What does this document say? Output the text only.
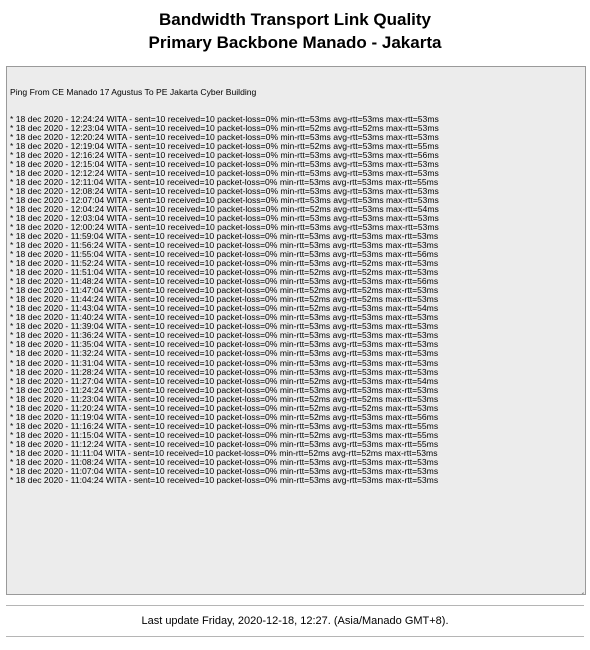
Bandwidth Transport Link Quality
Primary Backbone Manado - Jakarta

Ping From CE Manado 17 Agustus To PE Jakarta Cyber Building

* 18 dec 2020 - 12:24:24 WITA - sent=10 received=10 packet-loss=0% min-rtt=53ms avg-rtt=53ms max-rtt=53ms
* 18 dec 2020 - 12:23:04 WITA - sent=10 received=10 packet-loss=0% min-rtt=52ms avg-rtt=52ms max-rtt=53ms
* 18 dec 2020 - 12:20:24 WITA - sent=10 received=10 packet-loss=0% min-rtt=53ms avg-rtt=53ms max-rtt=53ms
* 18 dec 2020 - 12:19:04 WITA - sent=10 received=10 packet-loss=0% min-rtt=52ms avg-rtt=53ms max-rtt=55ms
* 18 dec 2020 - 12:16:24 WITA - sent=10 received=10 packet-loss=0% min-rtt=53ms avg-rtt=53ms max-rtt=56ms
* 18 dec 2020 - 12:15:04 WITA - sent=10 received=10 packet-loss=0% min-rtt=53ms avg-rtt=53ms max-rtt=53ms
* 18 dec 2020 - 12:12:24 WITA - sent=10 received=10 packet-loss=0% min-rtt=53ms avg-rtt=53ms max-rtt=53ms
* 18 dec 2020 - 12:11:04 WITA - sent=10 received=10 packet-loss=0% min-rtt=53ms avg-rtt=53ms max-rtt=55ms
* 18 dec 2020 - 12:08:24 WITA - sent=10 received=10 packet-loss=0% min-rtt=53ms avg-rtt=53ms max-rtt=53ms
* 18 dec 2020 - 12:07:04 WITA - sent=10 received=10 packet-loss=0% min-rtt=53ms avg-rtt=53ms max-rtt=53ms
* 18 dec 2020 - 12:04:24 WITA - sent=10 received=10 packet-loss=0% min-rtt=52ms avg-rtt=53ms max-rtt=54ms
* 18 dec 2020 - 12:03:04 WITA - sent=10 received=10 packet-loss=0% min-rtt=53ms avg-rtt=53ms max-rtt=53ms
* 18 dec 2020 - 12:00:24 WITA - sent=10 received=10 packet-loss=0% min-rtt=53ms avg-rtt=53ms max-rtt=53ms
* 18 dec 2020 - 11:59:04 WITA - sent=10 received=10 packet-loss=0% min-rtt=53ms avg-rtt=53ms max-rtt=53ms
* 18 dec 2020 - 11:56:24 WITA - sent=10 received=10 packet-loss=0% min-rtt=53ms avg-rtt=53ms max-rtt=53ms
* 18 dec 2020 - 11:55:04 WITA - sent=10 received=10 packet-loss=0% min-rtt=53ms avg-rtt=53ms max-rtt=56ms
* 18 dec 2020 - 11:52:24 WITA - sent=10 received=10 packet-loss=0% min-rtt=53ms avg-rtt=52ms max-rtt=53ms
* 18 dec 2020 - 11:51:04 WITA - sent=10 received=10 packet-loss=0% min-rtt=52ms avg-rtt=52ms max-rtt=53ms
* 18 dec 2020 - 11:48:24 WITA - sent=10 received=10 packet-loss=0% min-rtt=53ms avg-rtt=53ms max-rtt=56ms
* 18 dec 2020 - 11:47:04 WITA - sent=10 received=10 packet-loss=0% min-rtt=52ms avg-rtt=52ms max-rtt=53ms
* 18 dec 2020 - 11:44:24 WITA - sent=10 received=10 packet-loss=0% min-rtt=52ms avg-rtt=52ms max-rtt=53ms
* 18 dec 2020 - 11:43:04 WITA - sent=10 received=10 packet-loss=0% min-rtt=52ms avg-rtt=53ms max-rtt=54ms
* 18 dec 2020 - 11:40:24 WITA - sent=10 received=10 packet-loss=0% min-rtt=53ms avg-rtt=53ms max-rtt=53ms
* 18 dec 2020 - 11:39:04 WITA - sent=10 received=10 packet-loss=0% min-rtt=53ms avg-rtt=53ms max-rtt=53ms
* 18 dec 2020 - 11:36:24 WITA - sent=10 received=10 packet-loss=0% min-rtt=53ms avg-rtt=53ms max-rtt=53ms
* 18 dec 2020 - 11:35:04 WITA - sent=10 received=10 packet-loss=0% min-rtt=53ms avg-rtt=53ms max-rtt=53ms
* 18 dec 2020 - 11:32:24 WITA - sent=10 received=10 packet-loss=0% min-rtt=53ms avg-rtt=53ms max-rtt=53ms
* 18 dec 2020 - 11:31:04 WITA - sent=10 received=10 packet-loss=0% min-rtt=53ms avg-rtt=53ms max-rtt=53ms
* 18 dec 2020 - 11:28:24 WITA - sent=10 received=10 packet-loss=0% min-rtt=53ms avg-rtt=53ms max-rtt=53ms
* 18 dec 2020 - 11:27:04 WITA - sent=10 received=10 packet-loss=0% min-rtt=52ms avg-rtt=53ms max-rtt=54ms
* 18 dec 2020 - 11:24:24 WITA - sent=10 received=10 packet-loss=0% min-rtt=53ms avg-rtt=53ms max-rtt=53ms
* 18 dec 2020 - 11:23:04 WITA - sent=10 received=10 packet-loss=0% min-rtt=52ms avg-rtt=52ms max-rtt=53ms
* 18 dec 2020 - 11:20:24 WITA - sent=10 received=10 packet-loss=0% min-rtt=52ms avg-rtt=52ms max-rtt=53ms
* 18 dec 2020 - 11:19:04 WITA - sent=10 received=10 packet-loss=0% min-rtt=52ms avg-rtt=53ms max-rtt=56ms
* 18 dec 2020 - 11:16:24 WITA - sent=10 received=10 packet-loss=0% min-rtt=53ms avg-rtt=53ms max-rtt=55ms
* 18 dec 2020 - 11:15:04 WITA - sent=10 received=10 packet-loss=0% min-rtt=52ms avg-rtt=53ms max-rtt=55ms
* 18 dec 2020 - 11:12:24 WITA - sent=10 received=10 packet-loss=0% min-rtt=53ms avg-rtt=53ms max-rtt=55ms
* 18 dec 2020 - 11:11:04 WITA - sent=10 received=10 packet-loss=0% min-rtt=52ms avg-rtt=52ms max-rtt=53ms
* 18 dec 2020 - 11:08:24 WITA - sent=10 received=10 packet-loss=0% min-rtt=53ms avg-rtt=53ms max-rtt=53ms
* 18 dec 2020 - 11:07:04 WITA - sent=10 received=10 packet-loss=0% min-rtt=53ms avg-rtt=53ms max-rtt=53ms
* 18 dec 2020 - 11:04:24 WITA - sent=10 received=10 packet-loss=0% min-rtt=53ms avg-rtt=53ms max-rtt=53ms
Last update Friday, 2020-12-18, 12:27. (Asia/Manado GMT+8).
